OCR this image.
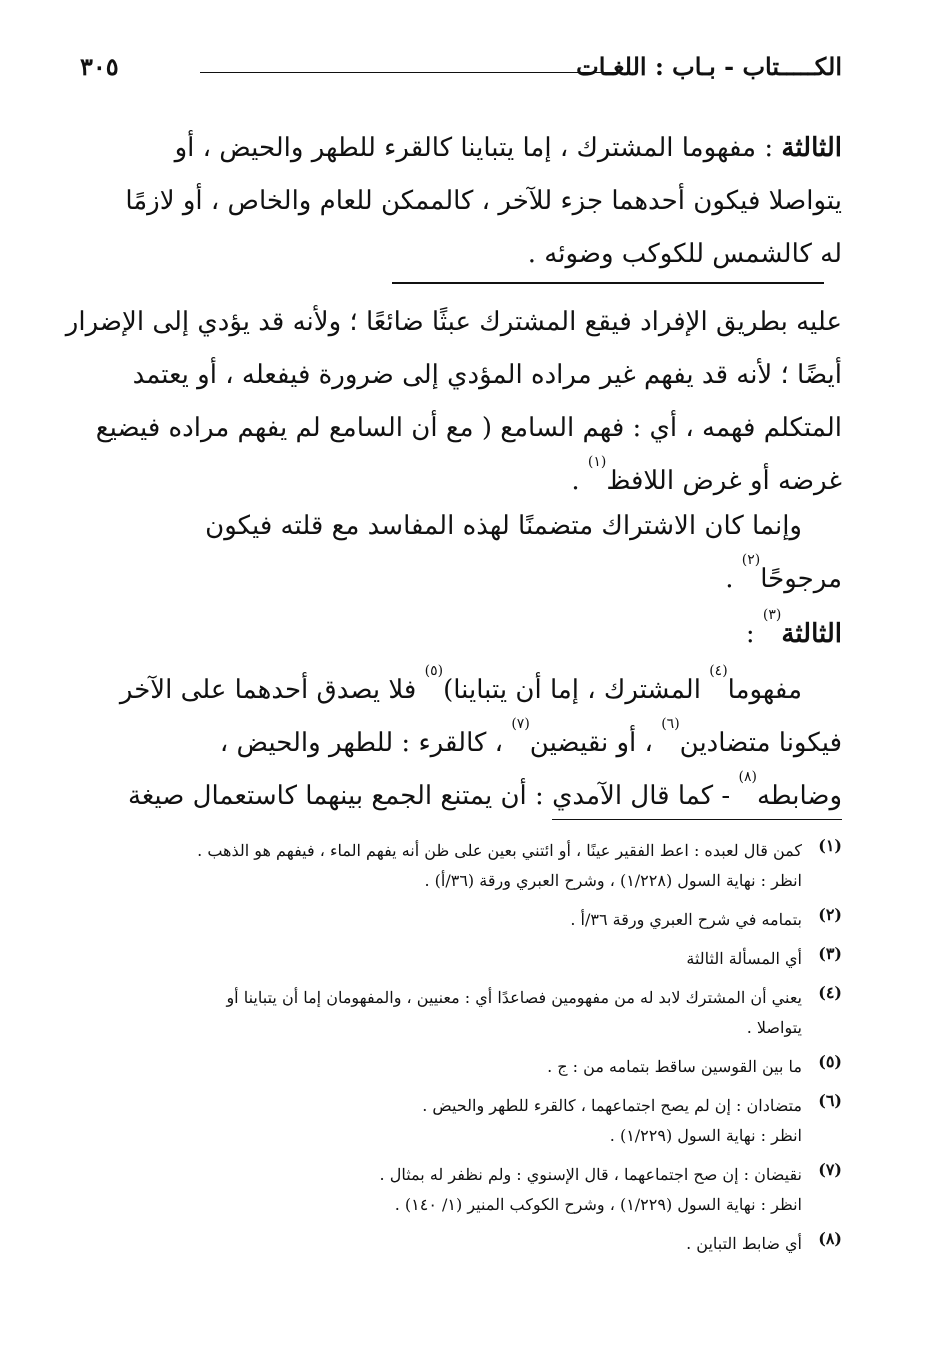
الكـــــتاب - بـاب : اللغـات
٣٠٥
الثالثة : مفهوما المشترك ، إما يتباينا كالقرء للطهر والحيض ، أو
يتواصلا فيكون أحدهما جزء للآخر ، كالممكن للعام والخاص ، أو لازمًا
له كالشمس للكوكب وضوئه .
عليه بطريق الإفراد فيقع المشترك عبثًا ضائعًا ؛ ولأنه قد يؤدي إلى الإضرار
أيضًا ؛ لأنه قد يفهم غير مراده المؤدي إلى ضرورة فيفعله ، أو يعتمد
المتكلم فهمه ، أي : فهم السامع ( مع أن السامع لم يفهم مراده فيضيع
غرضه أو غرض اللافظ$^{(١)}$ .
وإنما كان الاشتراك متضمنًا لهذه المفاسد مع قلته فيكون
مرجوحًا$^{(٢)}$ .
الثالثة$^{(٣)}$ :
مفهوما$^{(٤)}$ المشترك ، إما أن يتباينا)$^{(٥)}$ فلا يصدق أحدهما على الآخر
فيكونا متضادين$^{(٦)}$ ، أو نقيضين$^{(٧)}$ ، كالقرء : للطهر والحيض ،
وضابطه$^{(٨)}$ - كما قال الآمدي : أن يمتنع الجمع بينهما كاستعمال صيغة
(١)
كمن قال لعبده : اعط الفقير عينًا ، أو ائتني بعين على ظن أنه يفهم الماء ، فيفهم هو الذهب .
انظر : نهاية السول (١/٢٢٨) ، وشرح العبري ورقة (٣٦/أ) .
(٢)
بتمامه في شرح العبري ورقة ٣٦/أ .
(٣)
أي المسألة الثالثة
(٤)
يعني أن المشترك لابد له من مفهومين فصاعدًا أي : معنيين ، والمفهومان إما أن يتباينا أو
يتواصلا .
(٥)
ما بين القوسين ساقط بتمامه من : ج .
(٦)
متضادان : إن لم يصح اجتماعهما ، كالقرء للطهر والحيض .
انظر : نهاية السول (١/٢٢٩) .
(٧)
نقيضان : إن صح اجتماعهما ، قال الإسنوي : ولم نظفر له بمثال .
انظر : نهاية السول (١/٢٢٩) ، وشرح الكوكب المنير (١/ ١٤٠) .
(٨)
أي ضابط التباين .
